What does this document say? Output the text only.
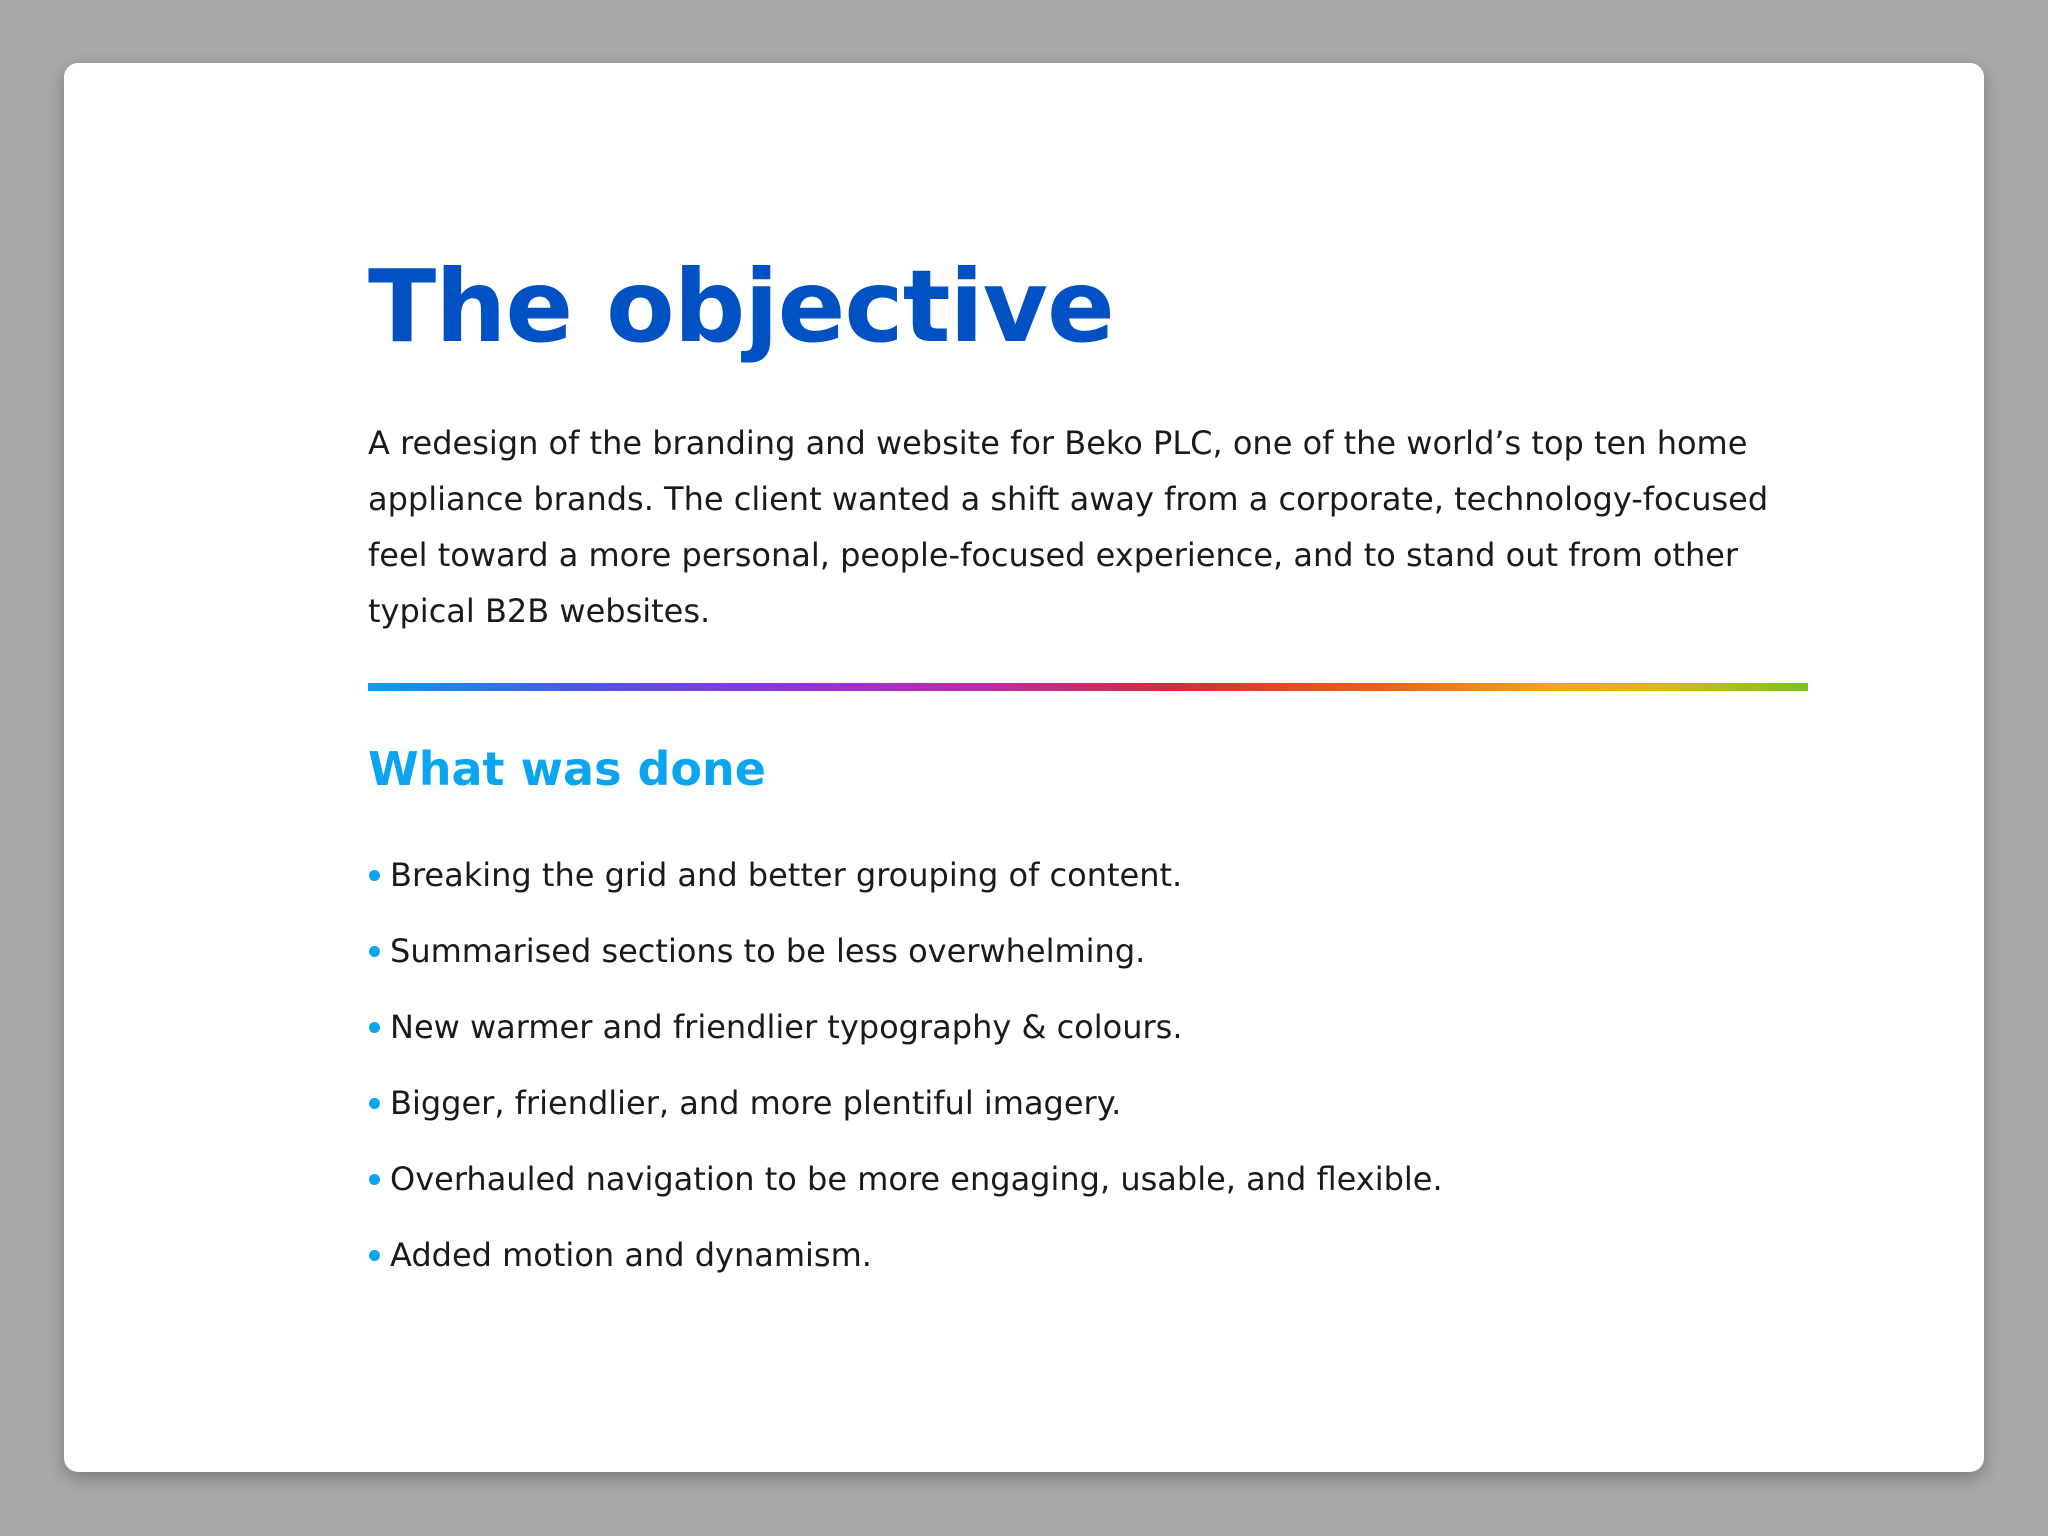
The objective

A redesign of the branding and website for Beko PLC, one of the world’s top ten home appliance brands. The client wanted a shift away from a corporate, technology-focused feel toward a more personal, people-focused experience, and to stand out from other typical B2B websites.

What was done
Breaking the grid and better grouping of content.
Summarised sections to be less overwhelming.
New warmer and friendlier typography & colours.
Bigger, friendlier, and more plentiful imagery.
Overhauled navigation to be more engaging, usable, and flexible.
Added motion and dynamism.
